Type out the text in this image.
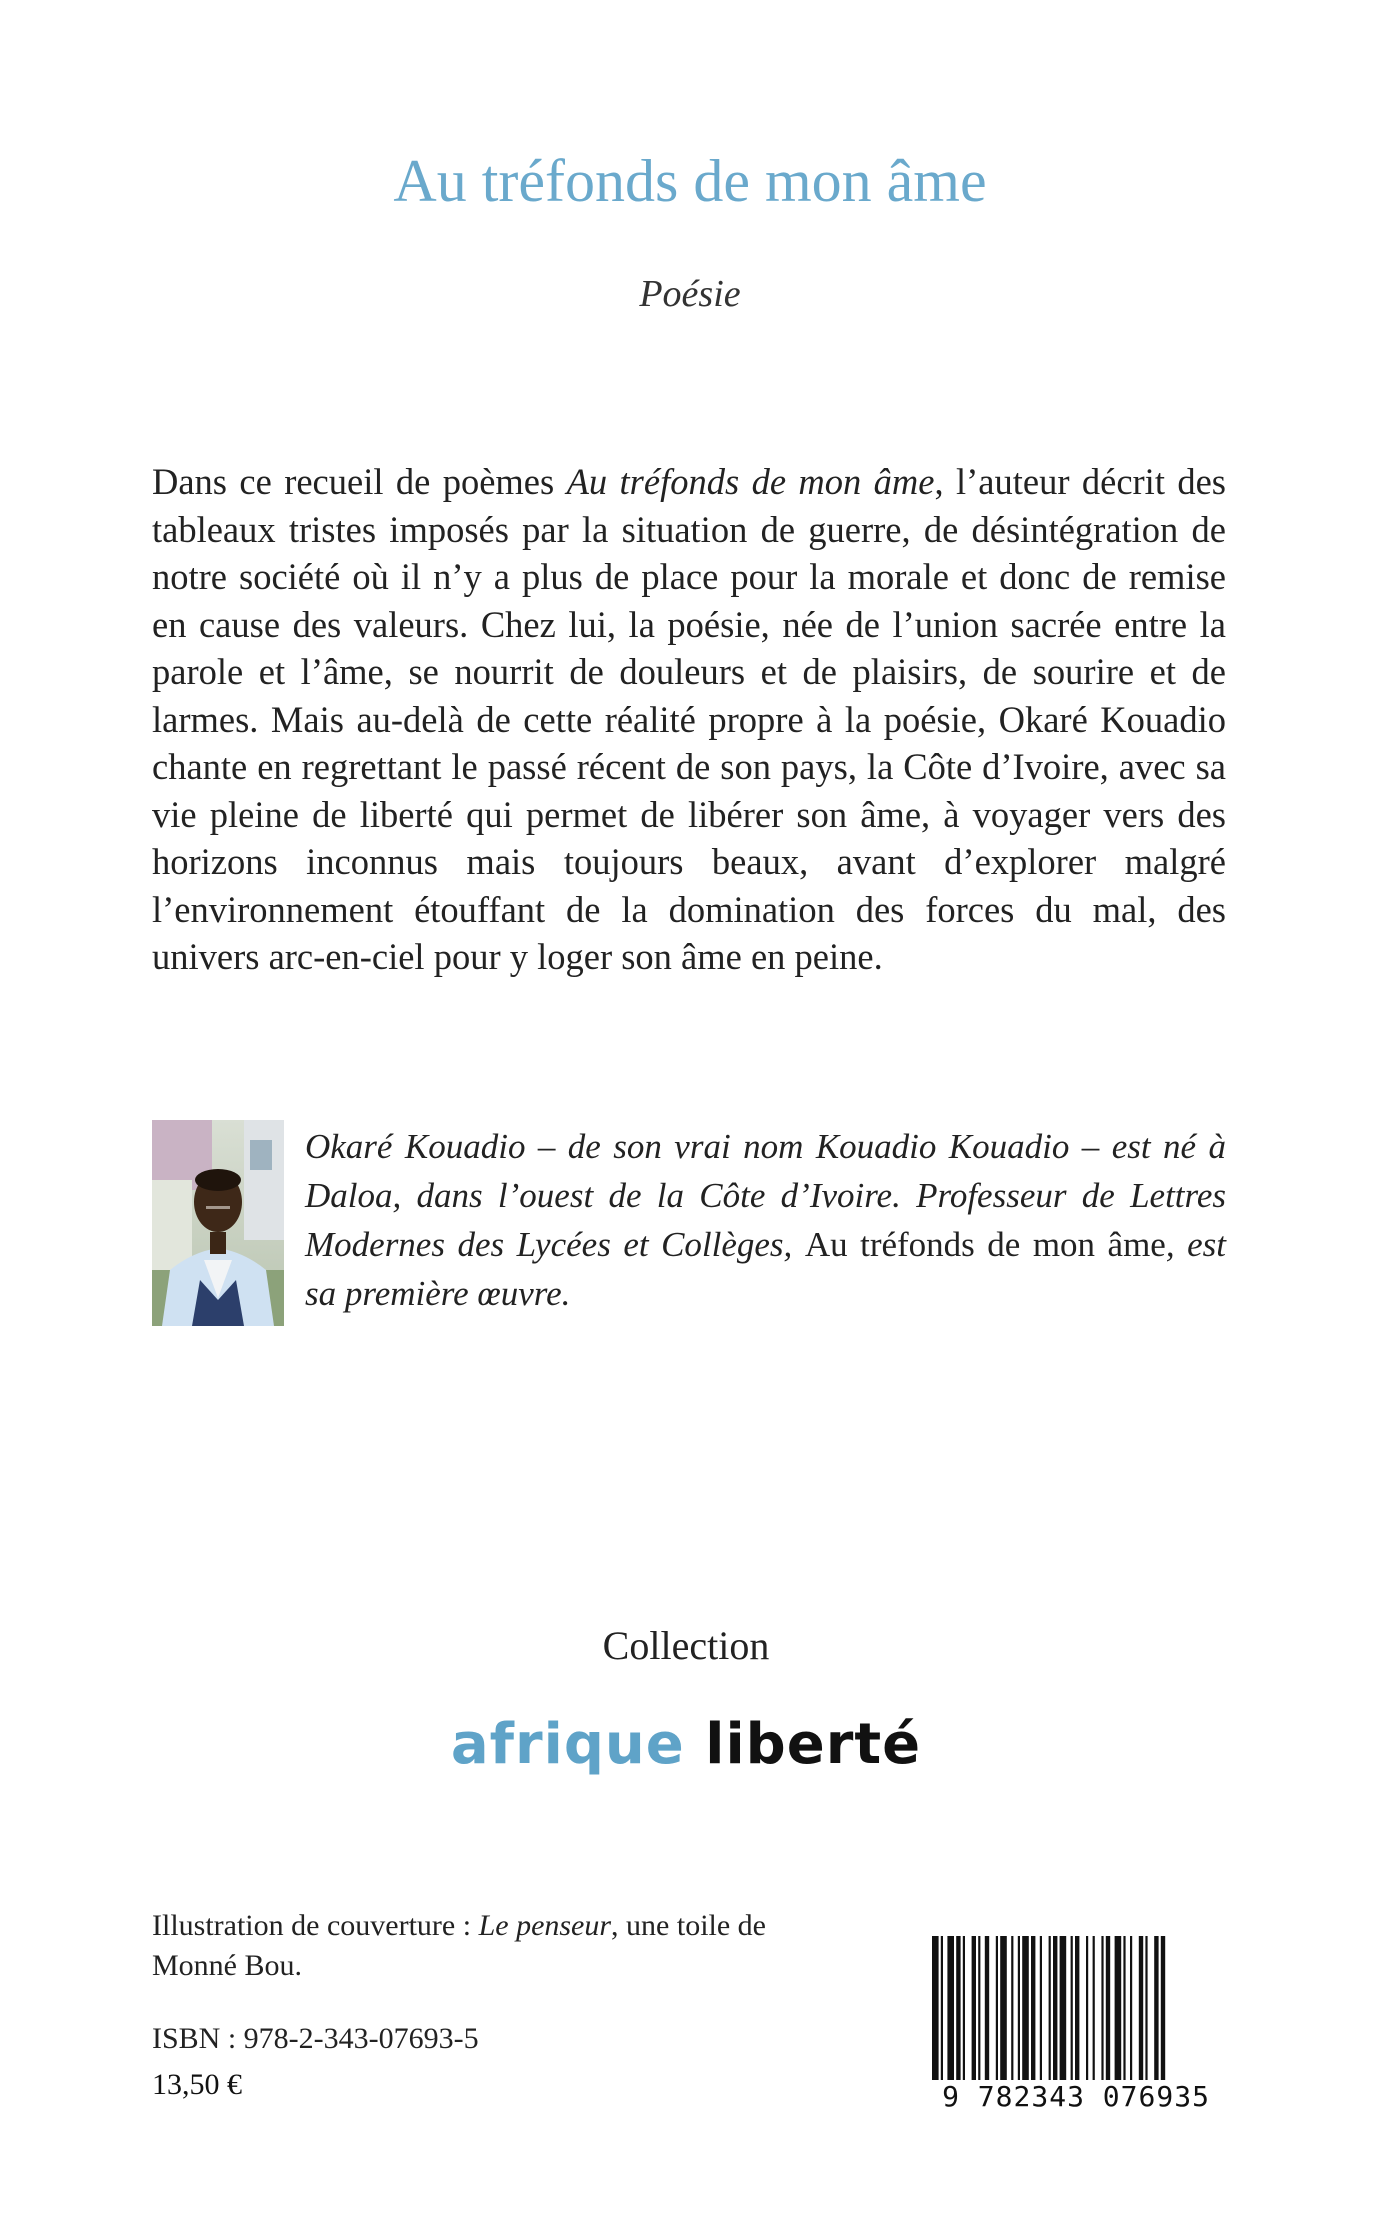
Au tréfonds de mon âme

Poésie

Dans ce recueil de poèmes Au tréfonds de mon âme, l’auteur décrit des tableaux tristes imposés par la situation de guerre, de désintégration de notre société où il n’y a plus de place pour la morale et donc de remise en cause des valeurs. Chez lui, la poésie, née de l’union sacrée entre la parole et l’âme, se nourrit de douleurs et de plaisirs, de sourire et de larmes. Mais au-delà de cette réalité propre à la poésie, Okaré Kouadio chante en regrettant le passé récent de son pays, la Côte d’Ivoire, avec sa vie pleine de liberté qui permet de libérer son âme, à voyager vers des horizons inconnus mais toujours beaux, avant d’explorer malgré l’environnement étouffant de la domination des forces du mal, des univers arc-en-ciel pour y loger son âme en peine.

Okaré Kouadio – de son vrai nom Kouadio Kouadio – est né à Daloa, dans l’ouest de la Côte d’Ivoire. Professeur de Lettres Modernes des Lycées et Collèges, Au tréfonds de mon âme, est sa première œuvre.

Collection

afrique liberté

Illustration de couverture : Le penseur, une toile de Monné Bou.

ISBN : 978-2-343-07693-5

13,50 €	9 782343 076935
